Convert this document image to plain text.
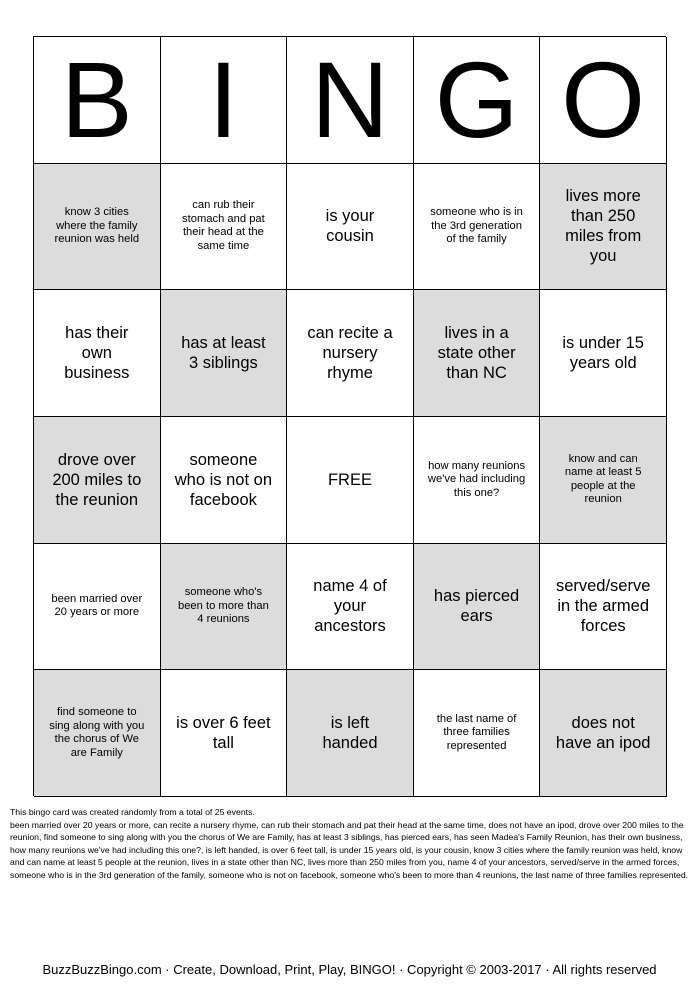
B I N G O
know 3 cities where the family reunion was held
can rub their stomach and pat their head at the same time
is your cousin
someone who is in the 3rd generation of the family
lives more than 250 miles from you
has their own business
has at least 3 siblings
can recite a nursery rhyme
lives in a state other than NC
is under 15 years old
drove over 200 miles to the reunion
someone who is not on facebook
FREE
how many reunions we've had including this one?
know and can name at least 5 people at the reunion
been married over 20 years or more
someone who's been to more than 4 reunions
name 4 of your ancestors
has pierced ears
served/serve in the armed forces
find someone to sing along with you the chorus of We are Family
is over 6 feet tall
is left handed
the last name of three families represented
does not have an ipod
This bingo card was created randomly from a total of 25 events.
been married over 20 years or more, can recite a nursery rhyme, can rub their stomach and pat their head at the same time, does not have an ipod, drove over 200 miles to the reunion, find someone to sing along with you the chorus of We are Family, has at least 3 siblings, has pierced ears, has seen Madea's Family Reunion, has their own business, how many reunions we've had including this one?, is left handed, is over 6 feet tall, is under 15 years old, is your cousin, know 3 cities where the family reunion was held, know and can name at least 5 people at the reunion, lives in a state other than NC, lives more than 250 miles from you, name 4 of your ancestors, served/serve in the armed forces, someone who is in the 3rd generation of the family, someone who is not on facebook, someone who's been to more than 4 reunions, the last name of three families represented.
BuzzBuzzBingo.com · Create, Download, Print, Play, BINGO! · Copyright © 2003-2017 · All rights reserved
